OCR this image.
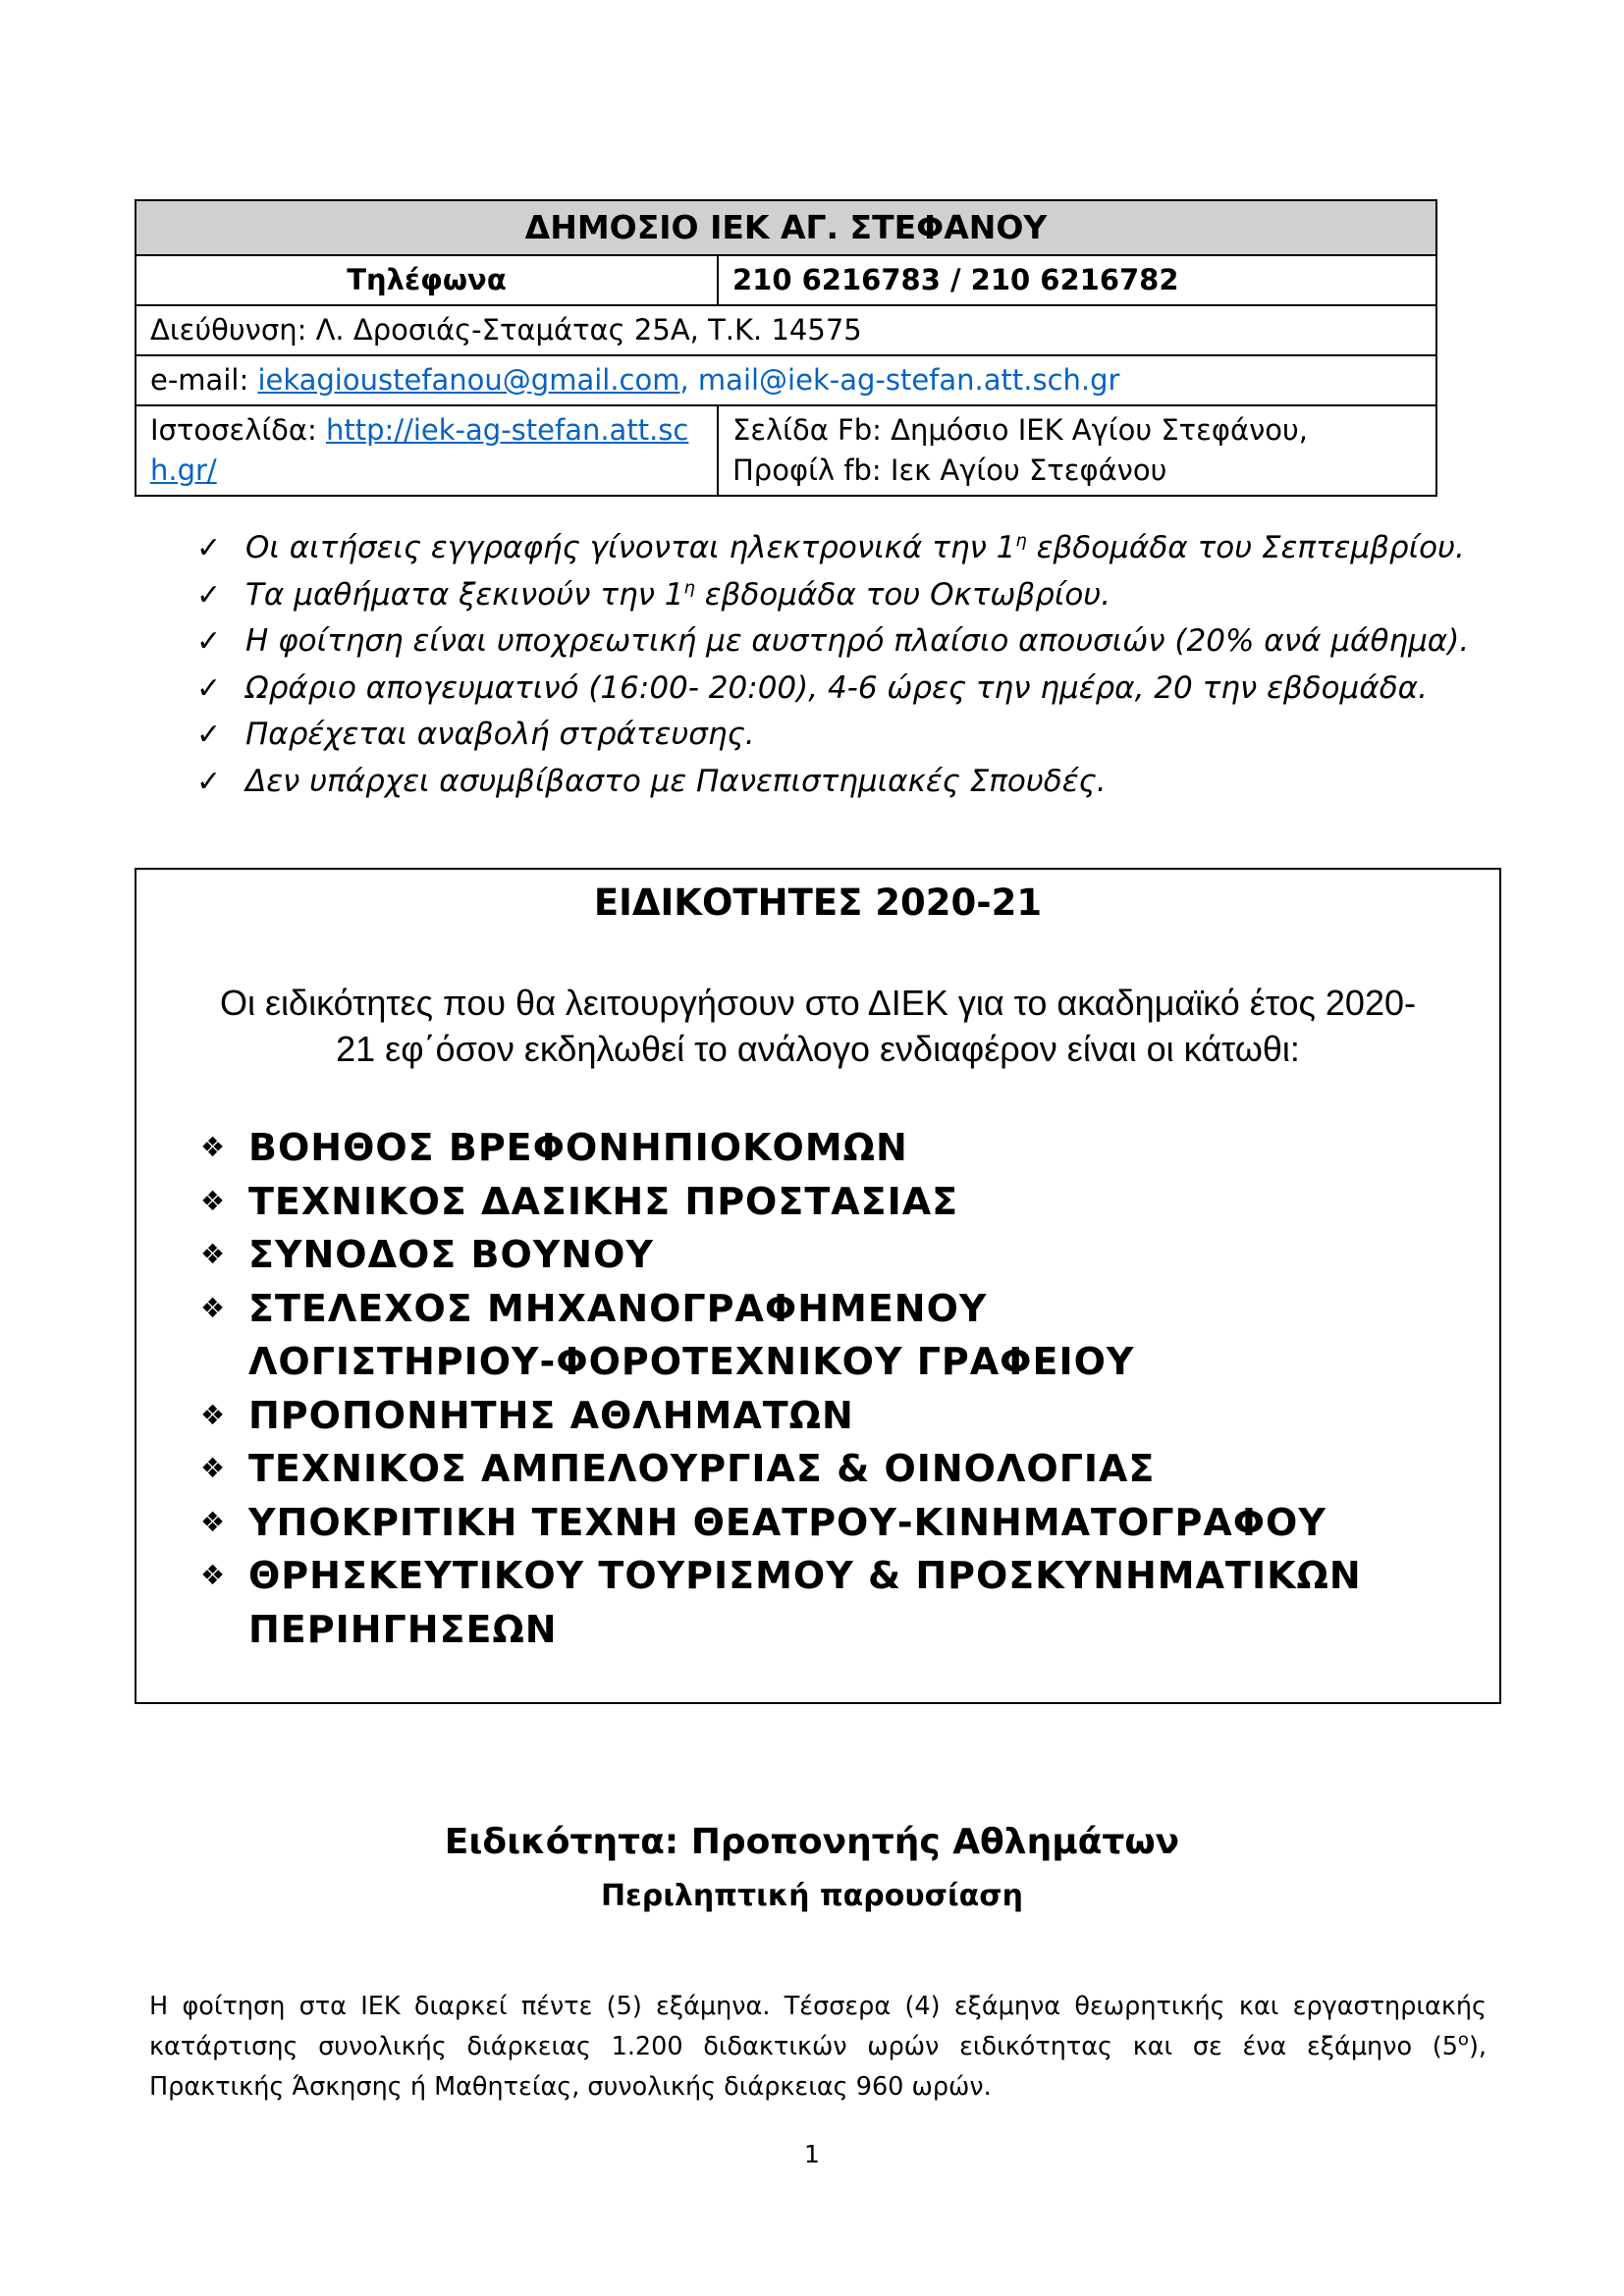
ΔΗΜΟΣΙΟ ΙΕΚ ΑΓ. ΣΤΕΦΑΝΟΥ	
Τηλέφωνα	210 6216783 / 210 6216782
Διεύθυνση: Λ. Δροσιάς-Σταμάτας 25Α, Τ.Κ. 14575	
e-mail: iekagioustefanou@gmail.com, mail@iek-ag-stefan.att.sch.gr	
Ιστοσελίδα: http://iek-ag-stefan.att.sch.gr/	Σελίδα Fb: Δημόσιο ΙΕΚ Αγίου Στεφάνου,
Προφίλ fb: Ιεκ Αγίου Στεφάνου
✓ Οι αιτήσεις εγγραφής γίνονται ηλεκτρονικά την $1^\eta$ εβδομάδα του Σεπτεμβρίου.
✓ Τα μαθήματα ξεκινούν την $1^\eta$ εβδομάδα του Οκτωβρίου.
✓ Η φοίτηση είναι υποχρεωτική με αυστηρό πλαίσιο απουσιών (20% ανά μάθημα).
✓ Ωράριο απογευματινό (16:00- 20:00), 4-6 ώρες την ημέρα, 20 την εβδομάδα.
✓ Παρέχεται αναβολή στράτευσης.
✓ Δεν υπάρχει ασυμβίβαστο με Πανεπιστημιακές Σπουδές.
ΕΙΔΙΚΟΤΗΤΕΣ 2020-21
Οι ειδικότητες που θα λειτουργήσουν στο ΔΙΕΚ για το ακαδημαϊκό έτος 2020-
21 εφ΄όσον εκδηλωθεί το ανάλογο ενδιαφέρον είναι οι κάτωθι:
❖ ΒΟΗΘΟΣ ΒΡΕΦΟΝΗΠΙΟΚΟΜΩΝ
❖ ΤΕΧΝΙΚΟΣ ΔΑΣΙΚΗΣ ΠΡΟΣΤΑΣΙΑΣ
❖ ΣΥΝΟΔΟΣ ΒΟΥΝΟΥ
❖ ΣΤΕΛΕΧΟΣ ΜΗΧΑΝΟΓΡΑΦΗΜΕΝΟΥ ΛΟΓΙΣΤΗΡΙΟΥ-ΦΟΡΟΤΕΧΝΙΚΟΥ ΓΡΑΦΕΙΟΥ
❖ ΠΡΟΠΟΝΗΤΗΣ ΑΘΛΗΜΑΤΩΝ
❖ ΤΕΧΝΙΚΟΣ ΑΜΠΕΛΟΥΡΓΙΑΣ & ΟΙΝΟΛΟΓΙΑΣ
❖ ΥΠΟΚΡΙΤΙΚΗ ΤΕΧΝΗ ΘΕΑΤΡΟΥ-ΚΙΝΗΜΑΤΟΓΡΑΦΟΥ
❖ ΘΡΗΣΚΕΥΤΙΚΟΥ ΤΟΥΡΙΣΜΟΥ & ΠΡΟΣΚΥΝΗΜΑΤΙΚΩΝ ΠΕΡΙΗΓΗΣΕΩΝ
Ειδικότητα: Προπονητής Αθλημάτων
Περιληπτική παρουσίαση

Η φοίτηση στα ΙΕΚ διαρκεί πέντε (5) εξάμηνα. Τέσσερα (4) εξάμηνα θεωρητικής και εργαστηριακής κατάρτισης συνολικής διάρκειας 1.200 διδακτικών ωρών ειδικότητας και σε ένα εξάμηνο $(5^o)$, Πρακτικής Άσκησης ή Μαθητείας, συνολικής διάρκειας 960 ωρών.

1
